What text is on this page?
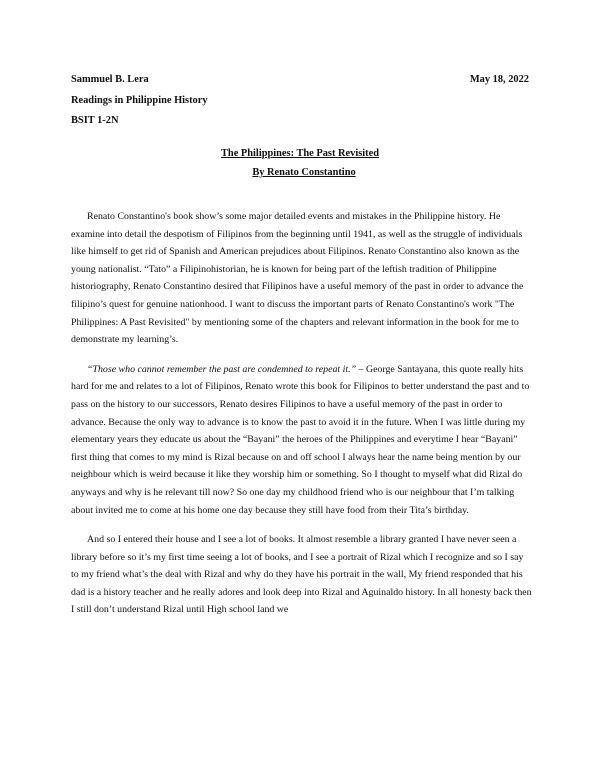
Sammuel B. Lera	May 18, 2022
Readings in Philippine History
BSIT 1-2N
The Philippines: The Past Revisited
By Renato Constantino

Renato Constantino's book show’s some major detailed events and mistakes in the Philippine history. He examine into detail the despotism of Filipinos from the beginning until 1941, as well as the struggle of individuals like himself to get rid of Spanish and American prejudices about Filipinos. Renato Constantino also known as the young nationalist. “Tato” a Filipinohistorian, he is known for being part of the leftish tradition of Philippine historiography, Renato Constantino desired that Filipinos have a useful memory of the past in order to advance the filipino’s quest for genuine nationhood. I want to discuss the important parts of Renato Constantino's work "The Philippines: A Past Revisited" by mentioning some of the chapters and relevant information in the book for me to demonstrate my learning’s.

“Those who cannot remember the past are condemned to repeat it.” – George Santayana, this quote really hits hard for me and relates to a lot of Filipinos, Renato wrote this book for Filipinos to better understand the past and to pass on the history to our successors, Renato desires Filipinos to have a useful memory of the past in order to advance. Because the only way to advance is to know the past to avoid it in the future. When I was little during my elementary years they educate us about the “Bayani” the heroes of the Philippines and everytime I hear “Bayani” first thing that comes to my mind is Rizal because on and off school I always hear the name being mention by our neighbour which is weird because it like they worship him or something. So I thought to myself what did Rizal do anyways and why is he relevant till now? So one day my childhood friend who is our neighbour that I’m talking about invited me to come at his home one day because they still have food from their Tita’s birthday.

And so I entered their house and I see a lot of books. It almost resemble a library granted I have never seen a library before so it’s my first time seeing a lot of books, and I see a portrait of Rizal which I recognize and so I say to my friend what’s the deal with Rizal and why do they have his portrait in the wall, My friend responded that his dad is a history teacher and he really adores and look deep into Rizal and Aguinaldo history. In all honesty back then I still don’t understand Rizal until High school land we
